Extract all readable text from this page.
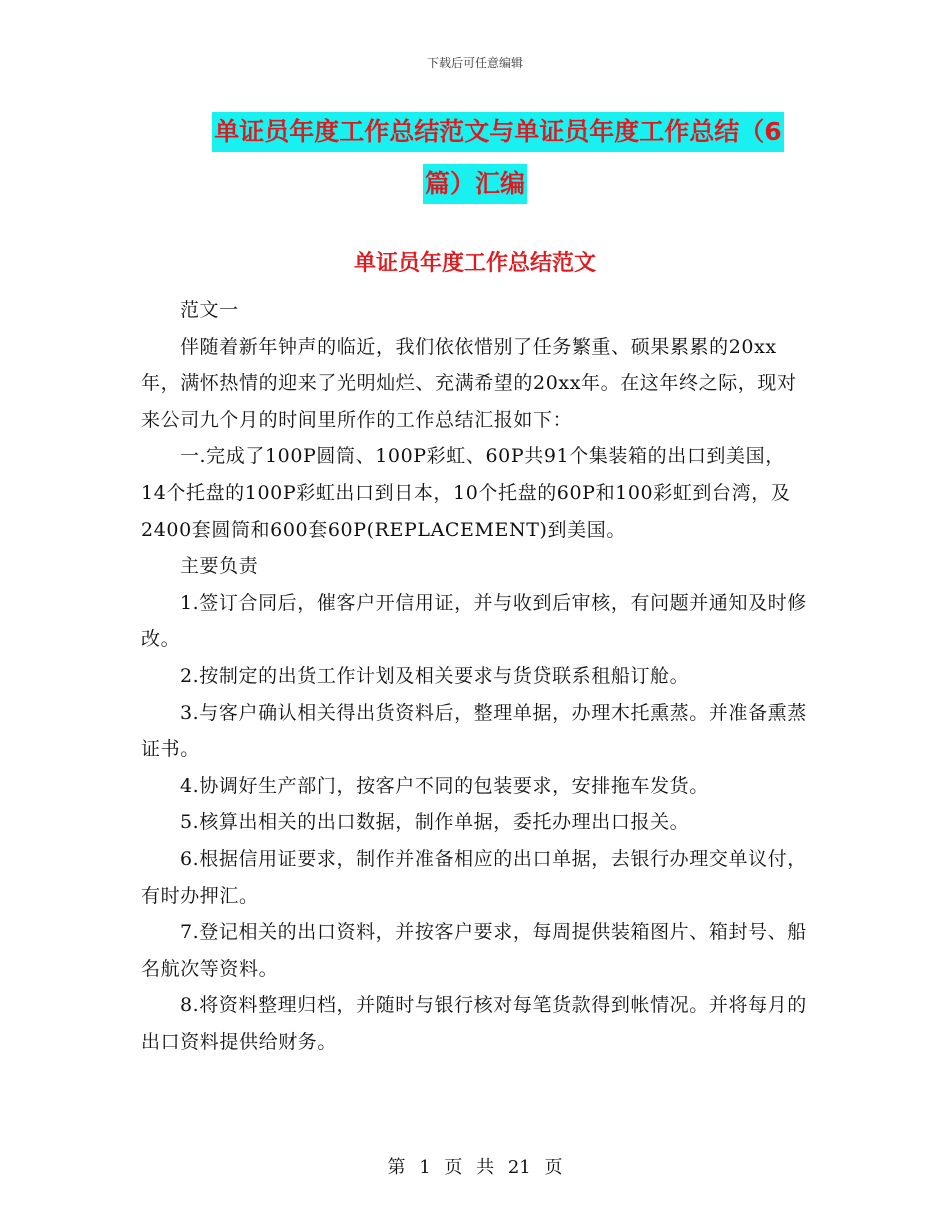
下载后可任意编辑
单证员年度工作总结范文与单证员年度工作总结（6
篇）汇编
单证员年度工作总结范文

范文一

伴随着新年钟声的临近，我们依依惜别了任务繁重、硕果累累的20xx年，满怀热情的迎来了光明灿烂、充满希望的20xx年。在这年终之际，现对来公司九个月的时间里所作的工作总结汇报如下：

一.完成了100P圆筒、100P彩虹、60P共91个集装箱的出口到美国，14个托盘的100P彩虹出口到日本，10个托盘的60P和100彩虹到台湾，及2400套圆筒和600套60P(REPLACEMENT)到美国。

主要负责

1.签订合同后，催客户开信用证，并与收到后审核，有问题并通知及时修改。

2.按制定的出货工作计划及相关要求与货贷联系租船订舱。

3.与客户确认相关得出货资料后，整理单据，办理木托熏蒸。并准备熏蒸证书。

4.协调好生产部门，按客户不同的包装要求，安排拖车发货。

5.核算出相关的出口数据，制作单据，委托办理出口报关。

6.根据信用证要求，制作并准备相应的出口单据，去银行办理交单议付，有时办押汇。

7.登记相关的出口资料，并按客户要求，每周提供装箱图片、箱封号、船名航次等资料。

8.将资料整理归档，并随时与银行核对每笔货款得到帐情况。并将每月的出口资料提供给财务。

第 1 页 共 21 页
